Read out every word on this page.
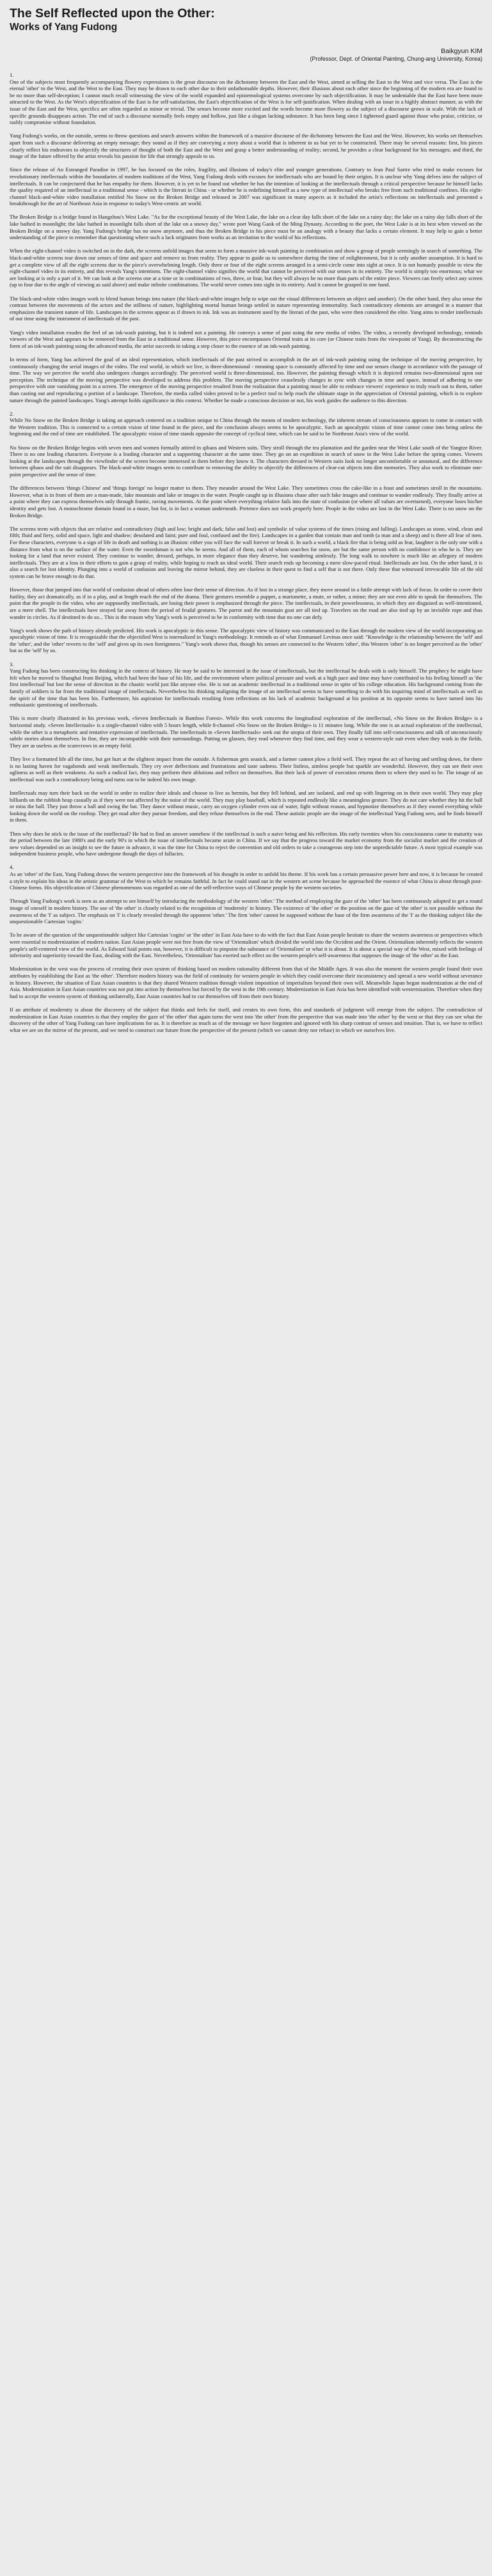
The Self Reflected upon the Other:
Works of Yang Fudong
Baikgyun KIM
(Professor, Dept. of Oriental Painting, Chung-ang University, Korea)

1.

One of the subjects most frequently accompanying flowery expressions is the great discourse on the dichotomy between the East and the West, aimed at selling the East to the West and vice versa. The East is the eternal 'other' to the West, and the West to the East. They may be drawn to each other due to their unfathomable depths. However, their illusions about each other since the beginning of the modern era are found to be no more than self-deception; I cannot much recall witnessing the view of the world expanded and epistemological systems overcome by such objectification. It may be undeniable that the East have been more attracted to the West. As the West's objectification of the East is for self-satisfaction, the East's objectification of the West is for self-justification. When dealing with an issue in a highly abstract manner, as with the issue of the East and the West, specifics are often regarded as minor or trivial. The senses become more excited and the words become more flowery as the subject of a discourse grows in scale. With the lack of specific grounds disappears action. The end of such a discourse normally feels empty and hollow, just like a slogan lacking substance. It has been long since I tightened guard against those who praise, criticize, or rashly compromise without foundation.

Yang Fudong's works, on the outside, seems to throw questions and search answers within the framework of a massive discourse of the dichotomy between the East and the West. However, his works set themselves apart from such a discourse delivering an empty message; they sound as if they are conveying a story about a world that is inherent in us but yet to be constructed. There may be several reasons: first, his pieces clearly reflect his endeavors to objectify the structures of thought of both the East and the West and grasp a better understanding of reality; second, he provides a clear background for his messages; and third, the image of the future offered by the artist reveals his passion for life that strongly appeals to us.

Since the release of An Estranged Paradise in 1997, he has focused on the roles, fragility, and illusions of today's elite and younger generations. Contrary to Jean Paul Sartre who tried to make excuses for revolutionary intellectuals within the boundaries of modern traditions of the West, Yang Fudong deals with excuses for intellectuals who are bound by their origins. It is unclear why Yang delves into the subject of intellectuals. It can be conjectured that he has empathy for them. However, it is yet to be found out whether he has the intention of looking at the intellectuals through a critical perspective because he himself lacks the quality required of an intellectual in a traditional sense - which is the literati in China - or whether he is redefining himself as a new type of intellectual who breaks free from such traditional confines. His eight-channel black-and-white video installation entitled No Snow on the Broken Bridge and released in 2007 was significant in many aspects as it included the artist's reflections on intellectuals and presented a breakthrough for the art of Northeast Asia in response to today's West-centric art world.

The Broken Bridge is a bridge found in Hangzhou's West Lake. "As for the exceptional beauty of the West Lake, the lake on a clear day falls short of the lake on a rainy day; the lake on a rainy day falls short of the lake bathed in moonlight; the lake bathed in moonlight falls short of the lake on a snowy day," wrote poet Wang Gaok of the Ming Dynasty. According to the poet, the West Lake is at its best when viewed on the Broken Bridge on a snowy day. Yang Fudong's bridge has no snow anymore, and thus the Broken Bridge in his piece must be an analogy with a beauty that lacks a certain element. It may help to gain a better understanding of the piece to remember that questioning where such a lack originates from works as an invitation to the world of his reflections.

When the eight-channel video is switched on in the dark, the screens unfold images that seem to form a massive ink-wash painting in combination and show a group of people seemingly in search of something. The black-and-white screens tear down our senses of time and space and remove us from reality. They appear to guide us to somewhere during the time of enlightenment, but it is only another assumption. It is hard to get a complete view of all the eight screens due to the piece's overwhelming length. Only three or four of the eight screens arranged in a semi-circle come into sight at once. It is not humanly possible to view the eight-channel video in its entirety, and this reveals Yang's intentions. The eight-channel video signifies the world that cannot be perceived with our senses in its entirety. The world is simply too enormous; what we are looking at is only a part of it. We can look at the screens one at a time or in combinations of two, three, or four, but they will always be no more than parts of the entire piece. Viewers can freely select any screen (up to four due to the angle of viewing as said above) and make infinite combinations. The world never comes into sight in its entirety. And it cannot be grasped in one hand.

The black-and-white video images work to blend human beings into nature (the black-and-white images help to wipe out the visual differences between an object and another). On the other hand, they also sense the contrast between the movements of the actors and the stillness of nature, highlighting mortal human beings settled in nature representing immortality. Such contradictory elements are arranged in a manner that emphasizes the transient nature of life. Landscapes in the screens appear as if drawn in ink. Ink was an instrument used by the literati of the past, who were then considered the elite. Yang aims to render intellectuals of our time using the instrument of intellectuals of the past.

Yang's video installation exudes the feel of an ink-wash painting, but it is indeed not a painting. He conveys a sense of past using the new media of video. The video, a recently developed technology, reminds viewers of the West and appears to be removed from the East in a traditional sense. However, this piece encompasses Oriental traits at its core (or Chinese traits from the viewpoint of Yang). By deconstructing the form of an ink-wash painting using the advanced media, the artist succeeds in taking a step closer to the essence of an ink-wash painting.

In terms of form, Yang has achieved the goal of an ideal representation, which intellectuals of the past strived to accomplish in the art of ink-wash painting using the technique of the moving perspective, by continuously changing the serial images of the video. The real world, in which we live, is three-dimensional - meaning space is constantly affected by time and our senses change in accordance with the passage of time. The way we perceive the world also undergoes changes accordingly. The perceived world is three-dimensional, too. However, the painting through which it is depicted remains two-dimensional upon our perception. The technique of the moving perspective was developed to address this problem. The moving perspective ceaselessly changes in sync with changes in time and space, instead of adhering to one perspective with one vanishing point in a screen. The emergence of the moving perspective resulted from the realization that a painting must be able to embrace viewers' experience to truly reach out to them, rather than casting out and reproducing a portion of a landscape. Therefore, the media called video proved to be a perfect tool to help reach the ultimate stage in the appreciation of Oriental painting, which is to explore nature through the painted landscapes. Yang's attempt holds significance in this context. Whether he made a conscious decision or not, his work guides the audience to this direction.

2.

While No Snow on the Broken Bridge is taking an approach centered on a tradition unique to China through the means of modern technology, the inherent stream of consciousness appears to come in contact with the Western tradition. This is connected to a certain vision of time found in the piece, and the conclusion always seems to be apocalyptic. Such an apocalyptic vision of time cannot come into being unless the beginning and the end of time are established. The apocalyptic vision of time stands opposite the concept of cyclical time, which can be said to be Northeast Asia's view of the world.

No Snow on the Broken Bridge begins with seven men and women formally attired in qibaos and Western suits. They stroll through the tea plantation and the garden near the West Lake south of the Yangtze River. There is no one leading characters. Everyone is a leading character and a supporting character at the same time. They go on an expedition in search of snow in the West Lake before the spring comes. Viewers looking at the landscapes through the viewfinder of the screen become immersed in them before they know it. The characters dressed in Western suits look no longer uncomfortable or unnatural, and the difference between qibaos and the suit disappears. The black-and-white images seem to contribute to removing the ability to objectify the differences of clear-cut objects into dim memories. They also work to eliminate one-point perspective and the sense of time.

The differences between 'things Chinese' and 'things foreign' no longer matter to them. They meander around the West Lake. They sometimes cross the cake-like in a feast and sometimes stroll in the mountains. However, what is in front of them are a man-made, fake mountain and lake or images in the water. People caught up in illusions chase after such fake images and continue to wander endlessly. They finally arrive at a point where they can express themselves only through frantic, raving movements. At the point where everything relative fails into the state of confusion (or where all values are overturned), everyone loses his/her identity and gets lost. A monochrome domain found in a maze, but for, is in fact a woman underneath. Pretence does not work properly here. People in the video are lost in the West Lake. There is no snow on the Broken Bridge.

The screens teem with objects that are relative and contradictory (high and low; bright and dark; false and lost) and symbolic of value systems of the times (rising and falling). Landscapes as stone, wind, clean and filth; fluid and fiery, solid and space, light and shadow; desolated and faint; pure and foul, confused and the fire). Landscapes in a garden that contain man and tomb (a man and a sheep) and is there all fear of men. For these characters, everyone is a sign of life in death and nothing is an illusion: either you will face the wall forever or break it. In such a world, a black fire that is being sold as fear, laughter is the only one with a distance from what is on the surface of the water. Even the swordsman is not who he seems. And all of them, each of whom searches for snow, are but the same person with no confidence in who he is. They are looking for a land that never existed. They continue to wander, dressed, perhaps, in more elegance than they deserve, but wandering aimlessly. The long walk to nowhere is much like an allegory of modern intellectuals. They are at a loss in their efforts to gain a grasp of reality, while hoping to reach an ideal world. Their search ends up becoming a mere slow-paced ritual. Intellectuals are lost. On the other hand, it is also a search for lost identity. Plunging into a world of confusion and leaving the mirror behind, they are clueless in their quest to find a self that is not there. Only these that witnessed irrevocable life of the old system can be brave enough to do that.

However, those that jumped into that world of confusion ahead of others often lose their sense of direction. As if lost in a strange place, they move around in a futile attempt with lack of focus. In order to cover their futility, they act dramatically, as if in a play, and at length reach the end of the drama. Their gestures resemble a puppet, a marionette, a mute, or rather, a mime; they are not even able to speak for themselves. The point that the people in the video, who are supposedly intellectuals, are losing their power is emphasized through the piece. The intellectuals, in their powerlessness, in which they are disguised as well-intentioned, are a mere shell. The intellectuals have strayed far away from the period of feudal gestures. The parrot and the mountain goat are all tied up. Travelers on the road are also tied up by an invisible rope and thus wander in circles. As if destined to do so... This is the reason why Yang's work is perceived to be in conformity with time that no one can defy.

Yang's work shows the path of history already predicted. His work is apocalyptic in this sense. The apocalyptic view of history was communicated to the East through the modern view of the world incorporating an apocalyptic vision of time. It is recognizable that the objectified West is internalized in Yang's methodology. It reminds us of what Emmanuel Levinas once said: "Knowledge is the relationship between the 'self' and the 'other', and the 'other' reverts to the 'self' and gives up its own foreignness." Yang's work shows that, though his senses are connected to the Western 'other', this Western 'other' is no longer perceived as the 'other' but as the 'self' by us.

3.

Yang Fudong has been constructing his thinking in the context of history. He may be said to be interested in the issue of intellectuals, but the intellectual he deals with is only himself. The prophecy he might have felt when he moved to Shanghai from Beijing, which had been the base of his life, and the environment where political pressure and work at a high pace and time may have contributed to his feeling himself as 'the first intellectual' but lost the sense of direction in the chaotic world just like anyone else. He is not an academic intellectual in a traditional sense in spite of his college education. His background coming from the family of soldiers is far from the traditional image of intellectuals. Nevertheless his thinking maligning the image of an intellectual seems to have something to do with his inquiring mind of intellectuals as well as the spirit of the time that has been his. Furthermore, his aspiration for intellectuals resulting from reflections on his lack of academic background at his position at its opposite seems to have turned into his enthusiastic questioning of intellectuals.

This is more clearly illustrated in his previous work, «Seven Intellectuals in Bamboo Forest». While this work concerns the longitudinal exploration of the intellectual, «No Snow on the Broken Bridge» is a horizontal study. «Seven Intellectuals» is a single-channel video with 5 hours length, while 8-channel «No Snow on the Broken Bridge» is 11 minutes long. While the one is an actual exploration of the intellectual, while the other is a metaphoric and tentative expression of intellectuals. The intellectuals in «Seven Intellectuals» seek out the utopia of their own. They finally fall into self-consciousness and talk of unconsciously subtle stories about themselves. In fine, they are incompatible with their surroundings. Putting on glasses, they read whenever they find time, and they wear a western-style suit even when they work in the fields. They are as useless as the scarecrows in an empty field.

They live a formatted life all the time, but get hurt at the slightest impact from the outside. A fisherman gets seasick, and a farmer cannot plow a field well. They repeat the act of having and settling down, for there is no lasting haven for vagabonds and weak intellectuals. They cry over deflections and frustrations and taste sadness. Their listless, aimless people but sparkle are wonderful. However, they can see their own ugliness as well as their weakness. As such a radical fact, they may perform their ablutions and reflect on themselves. But their lack of power of execution returns them to where they used to be. The image of an intellectual was such a contradictory being and turns out to be indeed his own image.

Intellectuals may turn their back on the world in order to realize their ideals and choose to live as hermits, but they fell behind, and are isolated, and end up with lingering on in their own world. They may play billiards on the rubbish heap casually as if they were not affected by the noise of the world. They may play baseball, which is repeated endlessly like a meaningless gesture. They do not care whether they hit the ball or miss the ball. They just throw a ball and swing the bat. They dance without music, carry an oxygen cylinder even out of water, fight without reason, and hypnotize themselves as if they owned everything while looking down the world on the rooftop. They get mad after they pursue freedom, and they refuse themselves in the end. These autistic people are the image of the intellectual Yang Fudong sees, and he finds himself in them.

Then why does he stick to the issue of the intellectual? He had to find an answer somehow if the intellectual is such a naive being and his reflection. His early twenties when his consciousness came to maturity was the period between the late 1980's and the early 90's in which the issue of intellectuals became acute in China. If we say that the progress toward the market economy from the socialist market and the creation of new values depended on an insight to see the future in advance, it was the time for China to reject the convention and old orders to take a courageous step into the unpredictable future. A most typical example was independent business people, who have undergone though the days of fallacies.

4.

As an 'other' of the East, Yang Fudong draws the western perspective into the framework of his thought in order to unfold his theme. If his work has a certain persuasive power here and now, it is because he created a style to explain his ideas in the artistic grammar of the West to which he remains faithful. In fact he could stand out in the western art scene because he approached the essence of what China is about through post-Chinese forms. His objectification of Chinese phenomenons was regarded as one of the self-reflective ways of Chinese people by the western societies.

Through Yang Fudong's work is seen as an attempt to see himself by introducing the methodology of the western 'other.' The method of employing the gaze of the 'other' has been continuously adopted to get a round image of oneself in modern history. The use of 'the other' is closely related to the recognition of 'modernity' in history. The existence of 'the other' or the position on the gaze of 'the other' is not possible without the awareness of the 'I' as subject. The emphasis on 'I' is clearly revealed through the opponent 'other.' The firm 'other' cannot be supposed without the base of the firm awareness of the 'I' as the thinking subject like the unquestionable Cartesian 'cogito.'

To be aware of the question of the unquestionable subject like Cartesian 'cogito' or 'the other' in East Asia have to do with the fact that East Asian people hesitate to share the western awareness or perspectives which were essential to modernization of modern nation. East Asian people were not free from the view of 'Orientalism' which divided the world into the Occident and the Orient. Orientalism inherently reflects the western people's self-centered view of the world. As Edward Said points out, however, it is difficult to pinpoint the substance of 'Orientalism' or what it is about. It is about a special way of the West, mixed with feelings of inferiority and superiority toward the East, dealing with the East. Nevertheless, 'Orientalism' has exerted such effect on the western people's self-awareness that supposes the image of 'the other' as the East.

Modernization in the west was the process of creating their own system of thinking based on modern rationality different from that of the Middle Ages. It was also the moment the western people found their own attributes by establishing the East as 'the other'. Therefore modern history was the field of continuity for western people in which they could overcome their inconsistency and spread a new world without severance in history. However, the situation of East Asian countries is that they shared Western tradition through violent imposition of imperialism beyond their own will. Meanwhile Japan began modernization at the end of Asia. Modernization in East Asian countries was not put into action by themselves but forced by the west in the 19th century. Modernization in East Asia has been identified with westernization. Therefore when they had to accept the western system of thinking unilaterally, East Asian countries had to cut themselves off from their own history.

If an attribute of modernity is about the discovery of the subject that thinks and feels for itself, and creates its own form, this and standards of judgment will emerge from the subject. The contradiction of modernization in East Asian countries is that they employ the gaze of 'the other' that again turns the west into 'the other' from the perspective that was made into 'the other' by the west or that they can see what the discovery of the other of Yang Fudong can have implications for us. It is therefore as much as of the message we have forgotten and ignored with his sharp contrast of senses and intuition. That is, we have to reflect what we are on the mirror of the present, and we need to construct our future from the perspective of the present (which we cannot deny nor refuse) in which we ourselves live.
